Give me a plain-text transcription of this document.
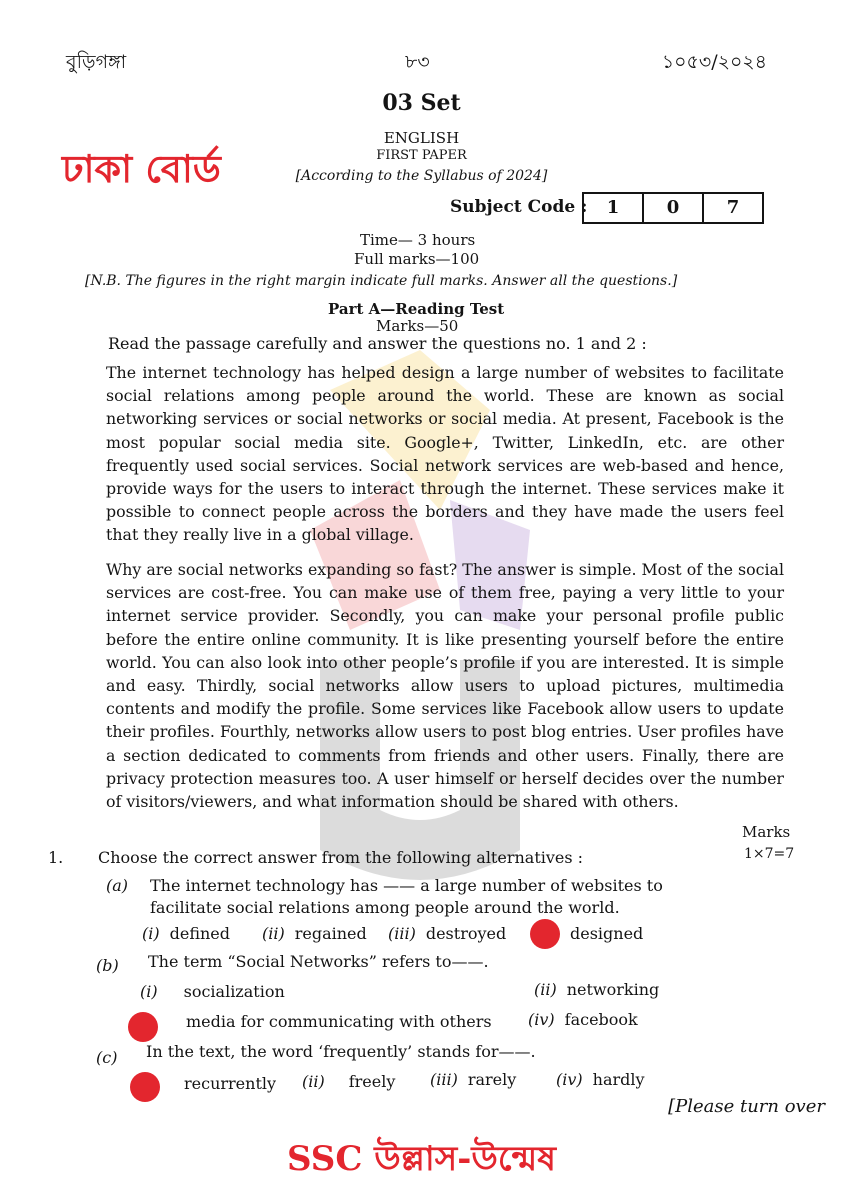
বুড়িগঙ্গা	৮৩	১০৫৩/২০২৪
03 Set
ENGLISH
FIRST PAPER
[According to the Syllabus of 2024]
ঢাকা বোর্ড
Subject Code :	1	0	7
Time— 3 hours
Full marks—100
[N.B. The figures in the right margin indicate full marks. Answer all the questions.]
Part A—Reading Test
Marks—50
Read the passage carefully and answer the questions no. 1 and 2 :
The internet technology has helped design a large number of websites to facilitate social relations among people around the world. These are known as social networking services or social networks or social media. At present, Facebook is the most popular social media site. Google+, Twitter, LinkedIn, etc. are other frequently used social services. Social network services are web-based and hence, provide ways for the users to interact through the internet. These services make it possible to connect people across the borders and they have made the users feel that they really live in a global village.
Why are social networks expanding so fast? The answer is simple. Most of the social services are cost-free. You can make use of them free, paying a very little to your internet service provider. Secondly, you can make your personal profile public before the entire online community. It is like presenting yourself before the entire world. You can also look into other people’s profile if you are interested. It is simple and easy. Thirdly, social networks allow users to upload pictures, multimedia contents and modify the profile. Some services like Facebook allow users to update their profiles. Fourthly, networks allow users to post blog entries. User profiles have a section dedicated to comments from friends and other users. Finally, there are privacy protection measures too. A user himself or herself decides over the number of visitors/viewers, and what information should be shared with others.
Marks
1×7=7
1. Choose the correct answer from the following alternatives :
(a) The internet technology has —— a large number of websites to
facilitate social relations among people around the world.
(i) defined (ii) regained (iii) destroyed	designed
(b) The term “Social Networks” refers to——.
(i) socialization	(ii) networking
media for communicating with others (iv) facebook
(c) In the text, the word ‘frequently’ stands for——.
recurrently (ii) freely (iii) rarely (iv) hardly
[Please turn over
SSC উল্লাস-উন্মেষ
